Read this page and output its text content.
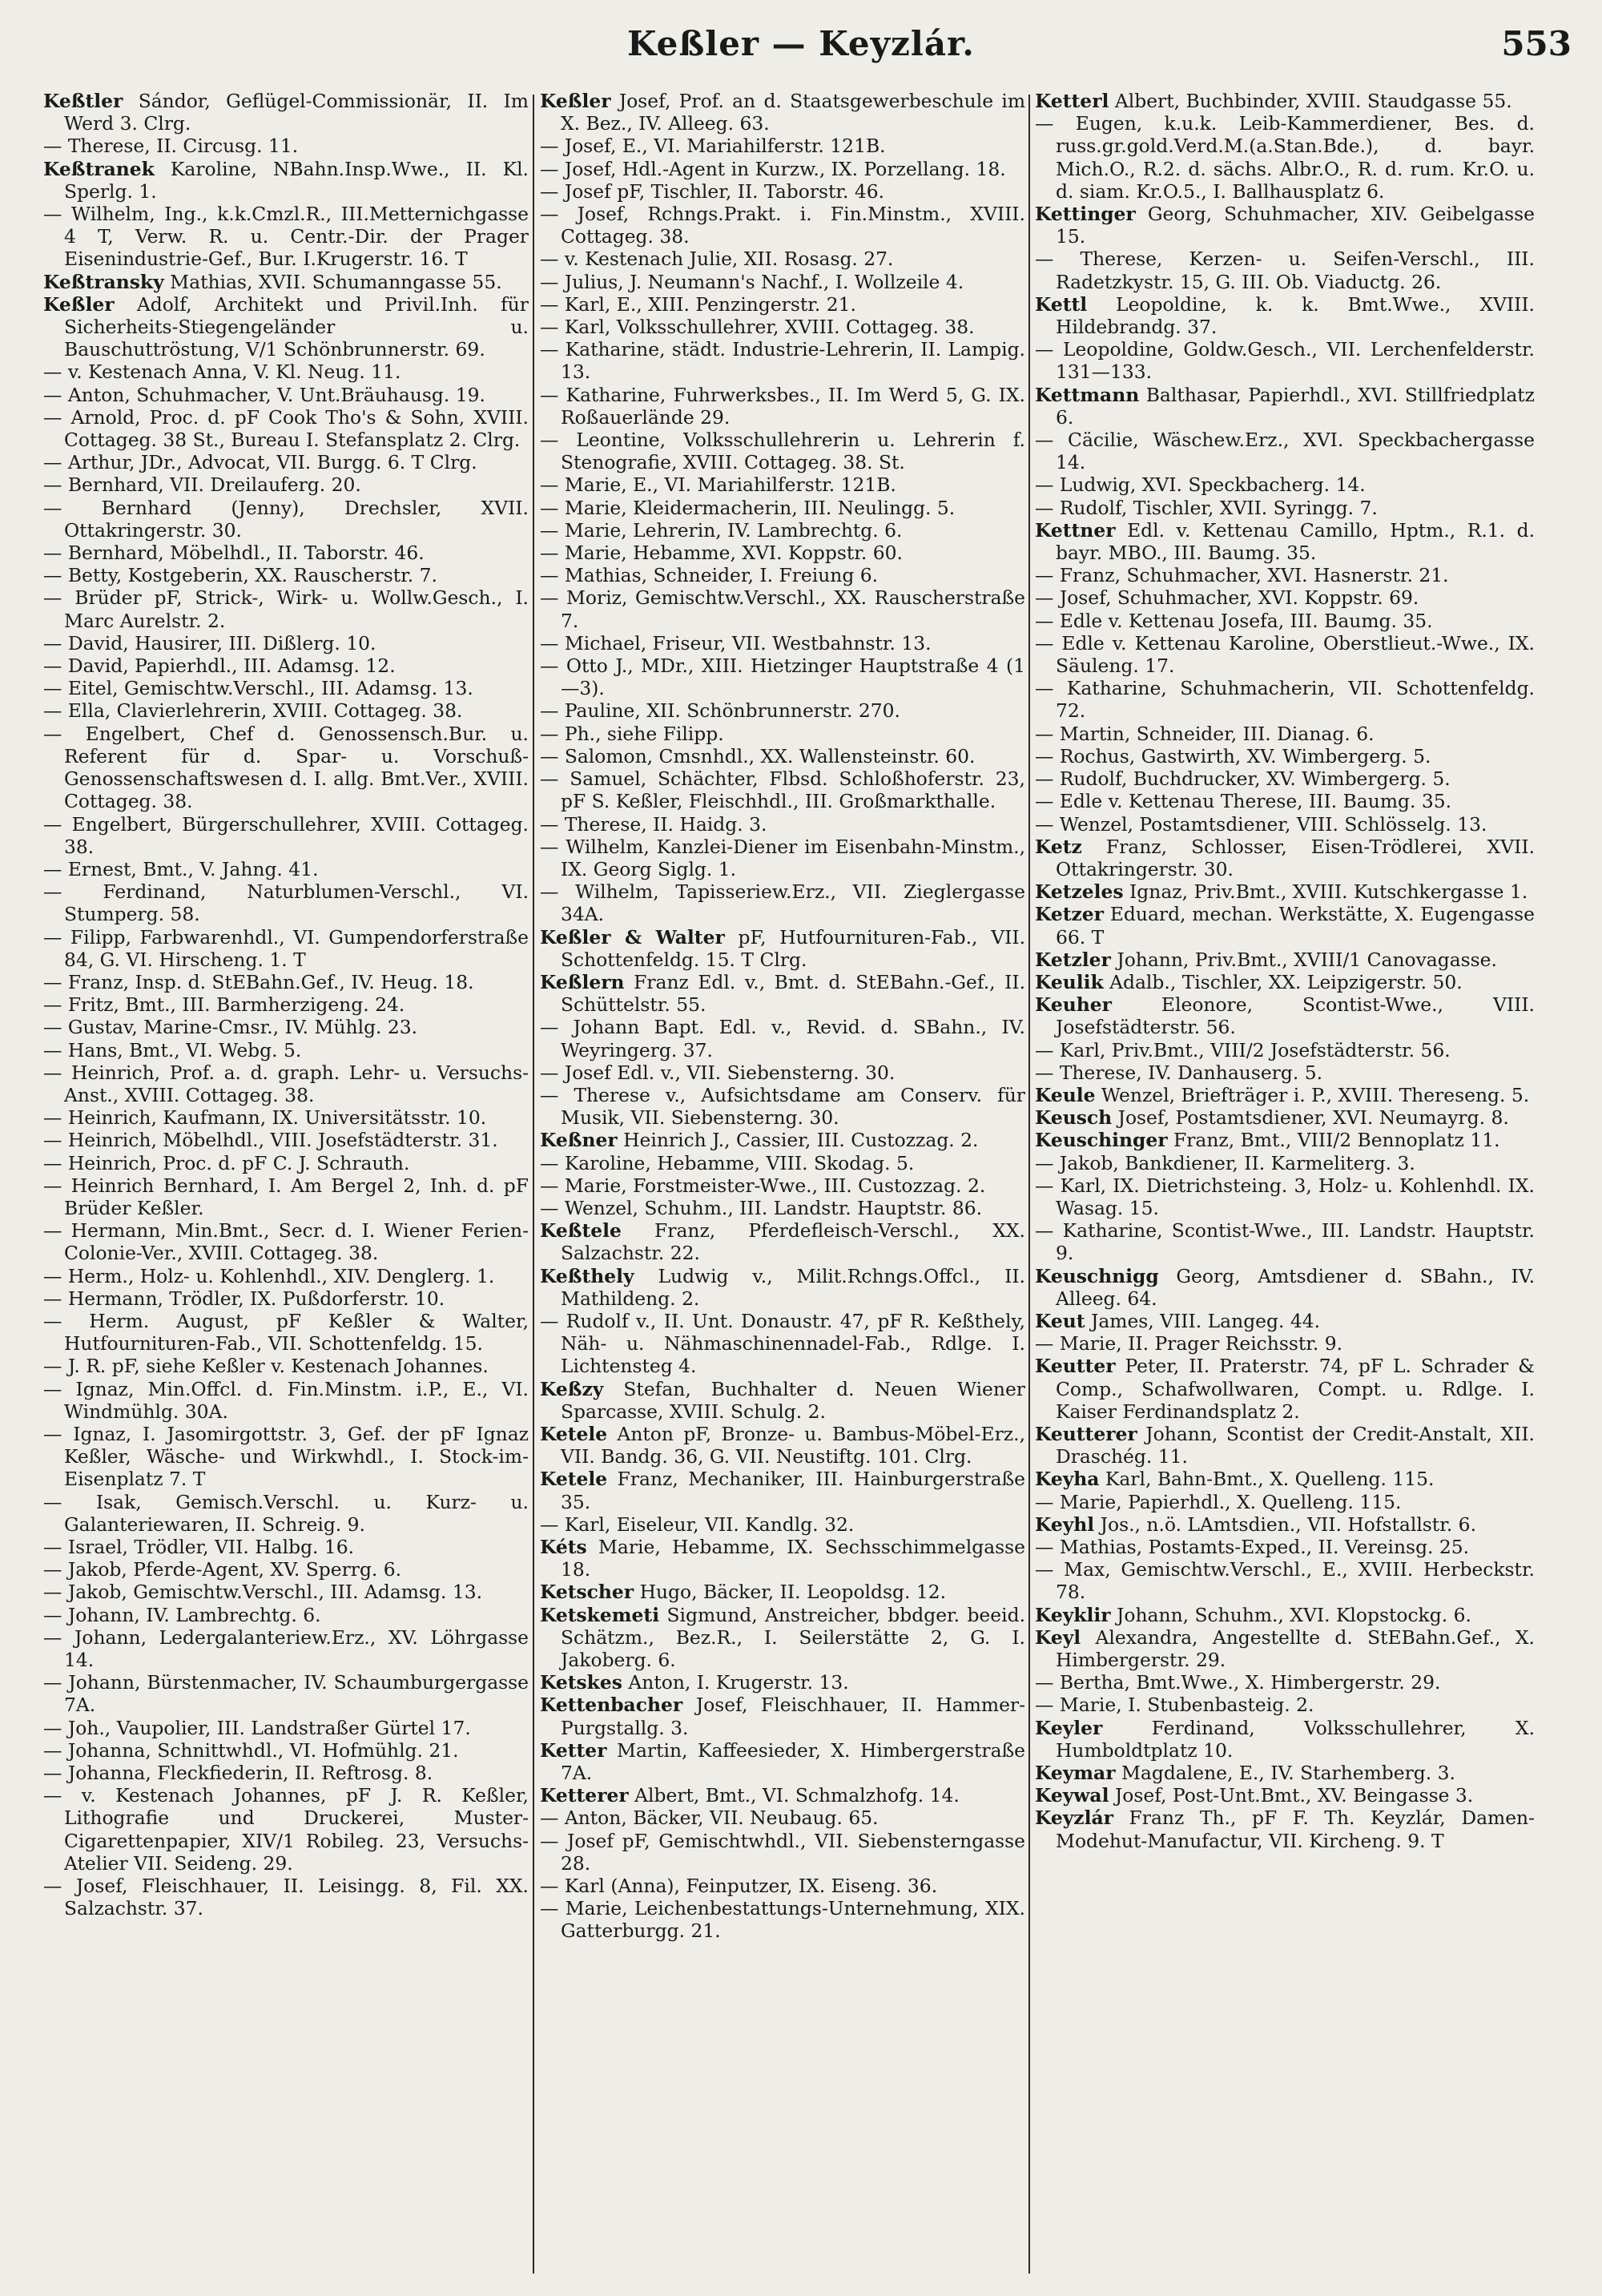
Keßler — Keyzlár.	553

Keßtler Sándor, Geflügel-Commissionär, II. Im Werd 3. Clrg.

— Therese, II. Circusg. 11.

Keßtranek Karoline, NBahn.Insp.Wwe., II. Kl. Sperlg. 1.

— Wilhelm, Ing., k.k.Cmzl.R., III.Metternichgasse 4 T, Verw. R. u. Centr.-Dir. der Prager Eisenindustrie-Gef., Bur. I.Krugerstr. 16. T

Keßtransky Mathias, XVII. Schumanngasse 55.

Keßler Adolf, Architekt und Privil.Inh. für Sicherheits-Stiegengeländer u. Bauschuttröstung, V/1 Schönbrunnerstr. 69.

— v. Kestenach Anna, V. Kl. Neug. 11.

— Anton, Schuhmacher, V. Unt.Bräuhausg. 19.

— Arnold, Proc. d. pF Cook Tho's & Sohn, XVIII. Cottageg. 38 St., Bureau I. Stefansplatz 2. Clrg.

— Arthur, JDr., Advocat, VII. Burgg. 6. T Clrg.

— Bernhard, VII. Dreilauferg. 20.

— Bernhard (Jenny), Drechsler, XVII. Ottakringerstr. 30.

— Bernhard, Möbelhdl., II. Taborstr. 46.

— Betty, Kostgeberin, XX. Rauscherstr. 7.

— Brüder pF, Strick-, Wirk- u. Wollw.Gesch., I. Marc Aurelstr. 2.

— David, Hausirer, III. Dißlerg. 10.

— David, Papierhdl., III. Adamsg. 12.

— Eitel, Gemischtw.Verschl., III. Adamsg. 13.

— Ella, Clavierlehrerin, XVIII. Cottageg. 38.

— Engelbert, Chef d. Genossensch.Bur. u. Referent für d. Spar- u. Vorschuß-Genossenschaftswesen d. I. allg. Bmt.Ver., XVIII. Cottageg. 38.

— Engelbert, Bürgerschullehrer, XVIII. Cottageg. 38.

— Ernest, Bmt., V. Jahng. 41.

— Ferdinand, Naturblumen-Verschl., VI. Stumperg. 58.

— Filipp, Farbwarenhdl., VI. Gumpendorferstraße 84, G. VI. Hirscheng. 1. T

— Franz, Insp. d. StEBahn.Gef., IV. Heug. 18.

— Fritz, Bmt., III. Barmherzigeng. 24.

— Gustav, Marine-Cmsr., IV. Mühlg. 23.

— Hans, Bmt., VI. Webg. 5.

— Heinrich, Prof. a. d. graph. Lehr- u. Versuchs-Anst., XVIII. Cottageg. 38.

— Heinrich, Kaufmann, IX. Universitätsstr. 10.

— Heinrich, Möbelhdl., VIII. Josefstädterstr. 31.

— Heinrich, Proc. d. pF C. J. Schrauth.

— Heinrich Bernhard, I. Am Bergel 2, Inh. d. pF Brüder Keßler.

— Hermann, Min.Bmt., Secr. d. I. Wiener Ferien-Colonie-Ver., XVIII. Cottageg. 38.

— Herm., Holz- u. Kohlenhdl., XIV. Denglerg. 1.

— Hermann, Trödler, IX. Pußdorferstr. 10.

— Herm. August, pF Keßler & Walter, Hutfournituren-Fab., VII. Schottenfeldg. 15.

— J. R. pF, siehe Keßler v. Kestenach Johannes.

— Ignaz, Min.Offcl. d. Fin.Minstm. i.P., E., VI. Windmühlg. 30A.

— Ignaz, I. Jasomirgottstr. 3, Gef. der pF Ignaz Keßler, Wäsche- und Wirkwhdl., I. Stock-im-Eisenplatz 7. T

— Isak, Gemisch.Verschl. u. Kurz- u. Galanteriewaren, II. Schreig. 9.

— Israel, Trödler, VII. Halbg. 16.

— Jakob, Pferde-Agent, XV. Sperrg. 6.

— Jakob, Gemischtw.Verschl., III. Adamsg. 13.

— Johann, IV. Lambrechtg. 6.

— Johann, Ledergalanteriew.Erz., XV. Löhrgasse 14.

— Johann, Bürstenmacher, IV. Schaumburgergasse 7A.

— Joh., Vaupolier, III. Landstraßer Gürtel 17.

— Johanna, Schnittwhdl., VI. Hofmühlg. 21.

— Johanna, Fleckfiederin, II. Reftrosg. 8.

— v. Kestenach Johannes, pF J. R. Keßler, Lithografie und Druckerei, Muster-Cigarettenpapier, XIV/1 Robileg. 23, Versuchs-Atelier VII. Seideng. 29.

— Josef, Fleischhauer, II. Leisingg. 8, Fil. XX. Salzachstr. 37.

Keßler Josef, Prof. an d. Staatsgewerbeschule im X. Bez., IV. Alleeg. 63.

— Josef, E., VI. Mariahilferstr. 121B.

— Josef, Hdl.-Agent in Kurzw., IX. Porzellang. 18.

— Josef pF, Tischler, II. Taborstr. 46.

— Josef, Rchngs.Prakt. i. Fin.Minstm., XVIII. Cottageg. 38.

— v. Kestenach Julie, XII. Rosasg. 27.

— Julius, J. Neumann's Nachf., I. Wollzeile 4.

— Karl, E., XIII. Penzingerstr. 21.

— Karl, Volksschullehrer, XVIII. Cottageg. 38.

— Katharine, städt. Industrie-Lehrerin, II. Lampig. 13.

— Katharine, Fuhrwerksbes., II. Im Werd 5, G. IX. Roßauerlände 29.

— Leontine, Volksschullehrerin u. Lehrerin f. Stenografie, XVIII. Cottageg. 38. St.

— Marie, E., VI. Mariahilferstr. 121B.

— Marie, Kleidermacherin, III. Neulingg. 5.

— Marie, Lehrerin, IV. Lambrechtg. 6.

— Marie, Hebamme, XVI. Koppstr. 60.

— Mathias, Schneider, I. Freiung 6.

— Moriz, Gemischtw.Verschl., XX. Rauscherstraße 7.

— Michael, Friseur, VII. Westbahnstr. 13.

— Otto J., MDr., XIII. Hietzinger Hauptstraße 4 (1—3).

— Pauline, XII. Schönbrunnerstr. 270.

— Ph., siehe Filipp.

— Salomon, Cmsnhdl., XX. Wallensteinstr. 60.

— Samuel, Schächter, Flbsd. Schloßhoferstr. 23, pF S. Keßler, Fleischhdl., III. Großmarkthalle.

— Therese, II. Haidg. 3.

— Wilhelm, Kanzlei-Diener im Eisenbahn-Minstm., IX. Georg Siglg. 1.

— Wilhelm, Tapisseriew.Erz., VII. Zieglergasse 34A.

Keßler & Walter pF, Hutfournituren-Fab., VII. Schottenfeldg. 15. T Clrg.

Keßlern Franz Edl. v., Bmt. d. StEBahn.-Gef., II. Schüttelstr. 55.

— Johann Bapt. Edl. v., Revid. d. SBahn., IV. Weyringerg. 37.

— Josef Edl. v., VII. Siebensterng. 30.

— Therese v., Aufsichtsdame am Conserv. für Musik, VII. Siebensterng. 30.

Keßner Heinrich J., Cassier, III. Custozzag. 2.

— Karoline, Hebamme, VIII. Skodag. 5.

— Marie, Forstmeister-Wwe., III. Custozzag. 2.

— Wenzel, Schuhm., III. Landstr. Hauptstr. 86.

Keßtele Franz, Pferdefleisch-Verschl., XX. Salzachstr. 22.

Keßthely Ludwig v., Milit.Rchngs.Offcl., II. Mathildeng. 2.

— Rudolf v., II. Unt. Donaustr. 47, pF R. Keßthely, Näh- u. Nähmaschinennadel-Fab., Rdlge. I. Lichtensteg 4.

Keßzy Stefan, Buchhalter d. Neuen Wiener Sparcasse, XVIII. Schulg. 2.

Ketele Anton pF, Bronze- u. Bambus-Möbel-Erz., VII. Bandg. 36, G. VII. Neustiftg. 101. Clrg.

Ketele Franz, Mechaniker, III. Hainburgerstraße 35.

— Karl, Eiseleur, VII. Kandlg. 32.

Kéts Marie, Hebamme, IX. Sechsschimmelgasse 18.

Ketscher Hugo, Bäcker, II. Leopoldsg. 12.

Ketskemeti Sigmund, Anstreicher, bbdger. beeid. Schätzm., Bez.R., I. Seilerstätte 2, G. I. Jakoberg. 6.

Ketskes Anton, I. Krugerstr. 13.

Kettenbacher Josef, Fleischhauer, II. Hammer-Purgstallg. 3.

Ketter Martin, Kaffeesieder, X. Himbergerstraße 7A.

Ketterer Albert, Bmt., VI. Schmalzhofg. 14.

— Anton, Bäcker, VII. Neubaug. 65.

— Josef pF, Gemischtwhdl., VII. Siebensterngasse 28.

— Karl (Anna), Feinputzer, IX. Eiseng. 36.

— Marie, Leichenbestattungs-Unternehmung, XIX. Gatterburgg. 21.

Ketterl Albert, Buchbinder, XVIII. Staudgasse 55.

— Eugen, k.u.k. Leib-Kammerdiener, Bes. d. russ.gr.gold.Verd.M.(a.Stan.Bde.), d. bayr. Mich.O., R.2. d. sächs. Albr.O., R. d. rum. Kr.O. u. d. siam. Kr.O.5., I. Ballhausplatz 6.

Kettinger Georg, Schuhmacher, XIV. Geibelgasse 15.

— Therese, Kerzen- u. Seifen-Verschl., III. Radetzkystr. 15, G. III. Ob. Viaductg. 26.

Kettl Leopoldine, k. k. Bmt.Wwe., XVIII. Hildebrandg. 37.

— Leopoldine, Goldw.Gesch., VII. Lerchenfelderstr. 131—133.

Kettmann Balthasar, Papierhdl., XVI. Stillfriedplatz 6.

— Cäcilie, Wäschew.Erz., XVI. Speckbachergasse 14.

— Ludwig, XVI. Speckbacherg. 14.

— Rudolf, Tischler, XVII. Syringg. 7.

Kettner Edl. v. Kettenau Camillo, Hptm., R.1. d. bayr. MBO., III. Baumg. 35.

— Franz, Schuhmacher, XVI. Hasnerstr. 21.

— Josef, Schuhmacher, XVI. Koppstr. 69.

— Edle v. Kettenau Josefa, III. Baumg. 35.

— Edle v. Kettenau Karoline, Oberstlieut.-Wwe., IX. Säuleng. 17.

— Katharine, Schuhmacherin, VII. Schottenfeldg. 72.

— Martin, Schneider, III. Dianag. 6.

— Rochus, Gastwirth, XV. Wimbergerg. 5.

— Rudolf, Buchdrucker, XV. Wimbergerg. 5.

— Edle v. Kettenau Therese, III. Baumg. 35.

— Wenzel, Postamtsdiener, VIII. Schlösselg. 13.

Ketz Franz, Schlosser, Eisen-Trödlerei, XVII. Ottakringerstr. 30.

Ketzeles Ignaz, Priv.Bmt., XVIII. Kutschkergasse 1.

Ketzer Eduard, mechan. Werkstätte, X. Eugengasse 66. T

Ketzler Johann, Priv.Bmt., XVIII/1 Canovagasse.

Keulik Adalb., Tischler, XX. Leipzigerstr. 50.

Keuher	Eleonore, Scontist-Wwe., VIII. Josefstädterstr. 56.

— Karl, Priv.Bmt., VIII/2 Josefstädterstr. 56.

— Therese, IV. Danhauserg. 5.

Keule Wenzel, Briefträger i. P., XVIII. Thereseng. 5.

Keusch Josef, Postamtsdiener, XVI. Neumayrg. 8.

Keuschinger Franz, Bmt., VIII/2 Bennoplatz 11.

— Jakob, Bankdiener, II. Karmeliterg. 3.

— Karl, IX. Dietrichsteing. 3, Holz- u. Kohlenhdl. IX. Wasag. 15.

— Katharine, Scontist-Wwe., III. Landstr. Hauptstr. 9.

Keuschnigg Georg, Amtsdiener d. SBahn., IV. Alleeg. 64.

Keut James, VIII. Langeg. 44.

— Marie, II. Prager Reichsstr. 9.

Keutter Peter, II. Praterstr. 74, pF L. Schrader & Comp., Schafwollwaren, Compt. u. Rdlge. I. Kaiser Ferdinandsplatz 2.

Keutterer Johann, Scontist der Credit-Anstalt, XII. Draschég. 11.

Keyha Karl, Bahn-Bmt., X. Quelleng. 115.

— Marie, Papierhdl., X. Quelleng. 115.

Keyhl Jos., n.ö. LAmtsdien., VII. Hofstallstr. 6.

— Mathias, Postamts-Exped., II. Vereinsg. 25.

— Max, Gemischtw.Verschl., E., XVIII. Herbeckstr. 78.

Keyklir Johann, Schuhm., XVI. Klopstockg. 6.

Keyl Alexandra, Angestellte d. StEBahn.Gef., X. Himbergerstr. 29.

— Bertha, Bmt.Wwe., X. Himbergerstr. 29.

— Marie, I. Stubenbasteig. 2.

Keyler	Ferdinand, Volksschullehrer, X. Humboldtplatz 10.

Keymar Magdalene, E., IV. Starhemberg. 3.

Keywal Josef, Post-Unt.Bmt., XV. Beingasse 3.

Keyzlár Franz Th., pF F. Th. Keyzlár, Damen-Modehut-Manufactur, VII. Kircheng. 9. T
